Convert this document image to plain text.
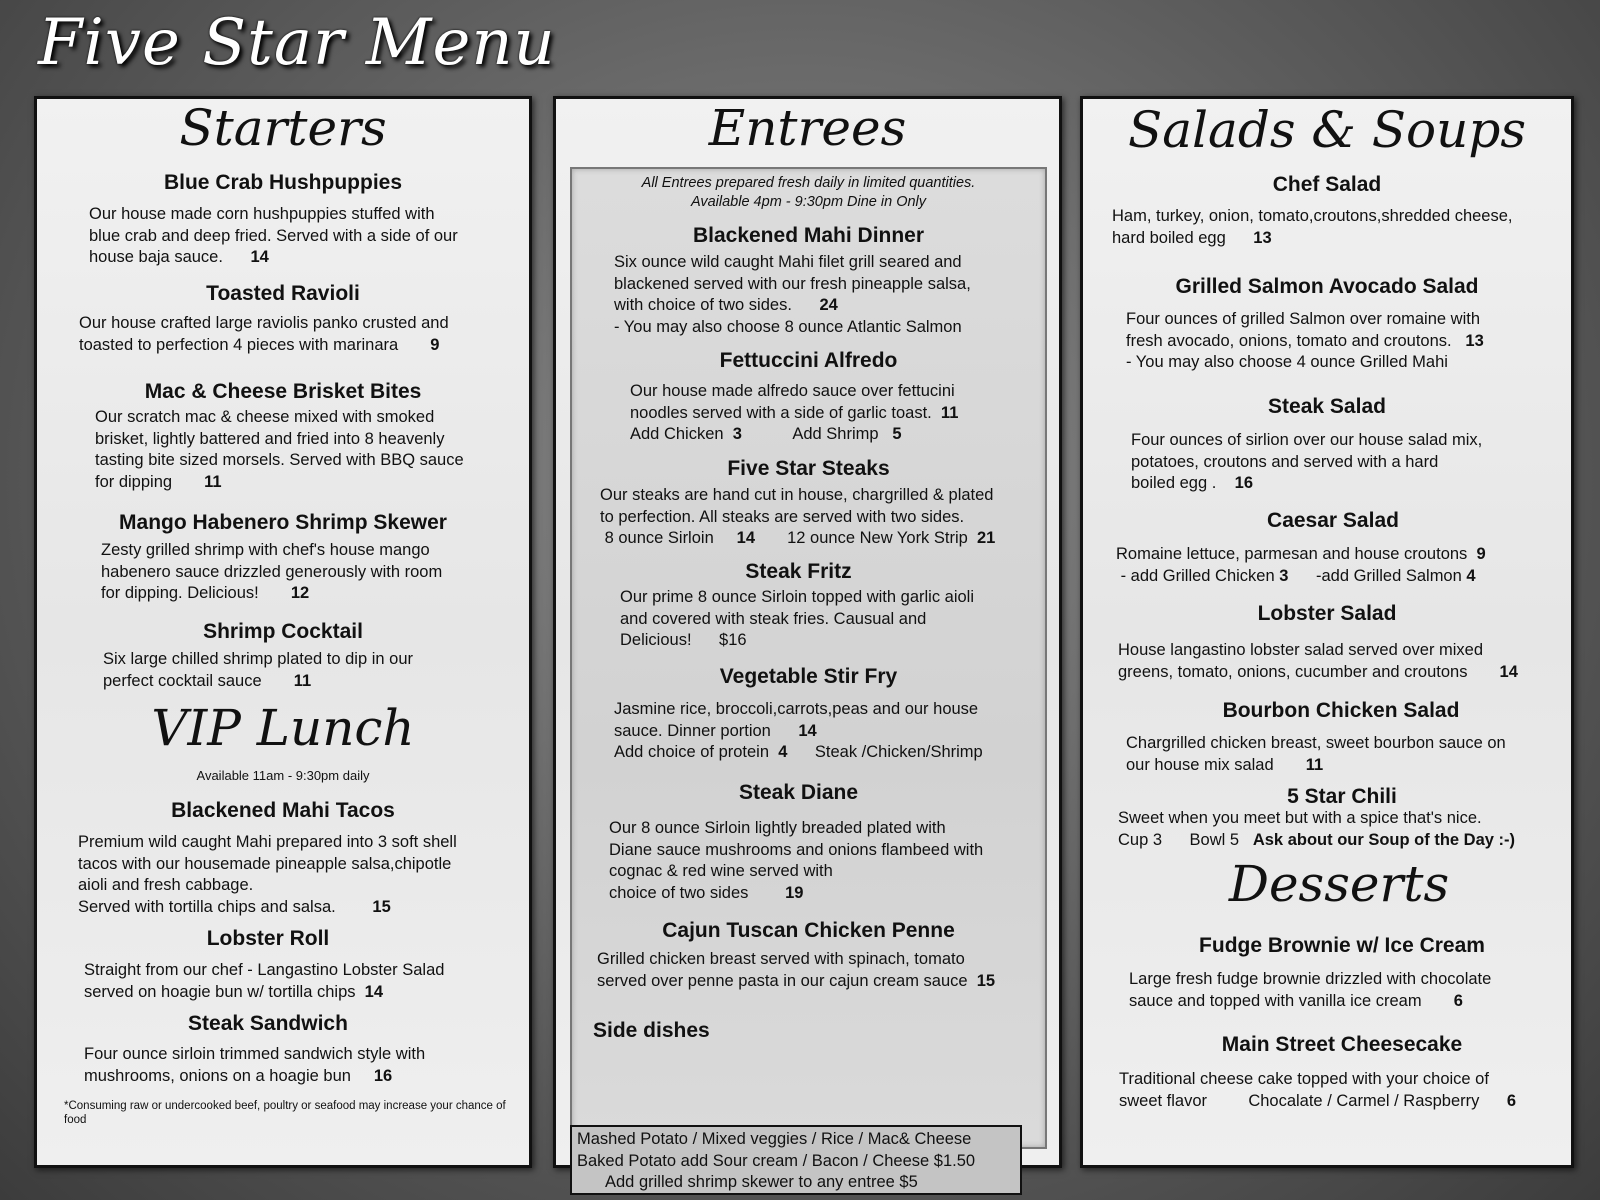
Five Star Menu
Starters
Blue Crab Hushpuppies
Our house made corn hushpuppies stuffed with
blue crab and deep fried. Served with a side of our
house baja sauce. 14
Toasted Ravioli
Our house crafted large raviolis panko crusted and
toasted to perfection 4 pieces with marinara 9
Mac & Cheese Brisket Bites
Our scratch mac & cheese mixed with smoked
brisket, lightly battered and fried into 8 heavenly
tasting bite sized morsels. Served with BBQ sauce
for dipping 11
Mango Habenero Shrimp Skewer
Zesty grilled shrimp with chef's house mango
habenero sauce drizzled generously with room
for dipping. Delicious! 12
Shrimp Cocktail
Six large chilled shrimp plated to dip in our
perfect cocktail sauce 11
VIP Lunch
Available 11am - 9:30pm daily
Blackened Mahi Tacos
Premium wild caught Mahi prepared into 3 soft shell
tacos with our housemade pineapple salsa,chipotle
aioli and fresh cabbage.
Served with tortilla chips and salsa. 15
Lobster Roll
Straight from our chef - Langastino Lobster Salad
served on hoagie bun w/ tortilla chips 14
Steak Sandwich
Four ounce sirloin trimmed sandwich style with
mushrooms, onions on a hoagie bun 16
*Consuming raw or undercooked beef, poultry or seafood may increase your chance of food
Entrees
All Entrees prepared fresh daily in limited quantities.
Available 4pm - 9:30pm Dine in Only
Blackened Mahi Dinner
Six ounce wild caught Mahi filet grill seared and
blackened served with our fresh pineapple salsa,
with choice of two sides. 24
- You may also choose 8 ounce Atlantic Salmon
Fettuccini Alfredo
Our house made alfredo sauce over fettucini
noodles served with a side of garlic toast. 11
Add Chicken 3	Add Shrimp 5
Five Star Steaks
Our steaks are hand cut in house, chargrilled & plated
to perfection. All steaks are served with two sides.
8 ounce Sirloin 14 12 ounce New York Strip 21
Steak Fritz
Our prime 8 ounce Sirloin topped with garlic aioli
and covered with steak fries. Causual and
Delicious! $16
Vegetable Stir Fry
Jasmine rice, broccoli,carrots,peas and our house
sauce. Dinner portion 14
Add choice of protein 4 Steak /Chicken/Shrimp
Steak Diane
Our 8 ounce Sirloin lightly breaded plated with
Diane sauce mushrooms and onions flambeed with
cognac & red wine served with
choice of two sides 19
Cajun Tuscan Chicken Penne
Grilled chicken breast served with spinach, tomato
served over penne pasta in our cajun cream sauce 15
Side dishes
Mashed Potato / Mixed veggies / Rice / Mac& Cheese
Baked Potato add Sour cream / Bacon / Cheese $1.50
Add grilled shrimp skewer to any entree $5
Salads & Soups
Chef Salad
Ham, turkey, onion, tomato,croutons,shredded cheese,
hard boiled egg 13
Grilled Salmon Avocado Salad
Four ounces of grilled Salmon over romaine with
fresh avocado, onions, tomato and croutons. 13
- You may also choose 4 ounce Grilled Mahi
Steak Salad
Four ounces of sirlion over our house salad mix,
potatoes, croutons and served with a hard
boiled egg . 16
Caesar Salad
Romaine lettuce, parmesan and house croutons 9
- add Grilled Chicken 3 -add Grilled Salmon 4
Lobster Salad
House langastino lobster salad served over mixed
greens, tomato, onions, cucumber and croutons 14
Bourbon Chicken Salad
Chargrilled chicken breast, sweet bourbon sauce on
our house mix salad 11
5 Star Chili
Sweet when you meet but with a spice that's nice.
Cup 3 Bowl 5 Ask about our Soup of the Day :-)
Desserts
Fudge Brownie w/ Ice Cream
Large fresh fudge brownie drizzled with chocolate
sauce and topped with vanilla ice cream 6
Main Street Cheesecake
Traditional cheese cake topped with your choice of
sweet flavor	Chocalate / Carmel / Raspberry 6
